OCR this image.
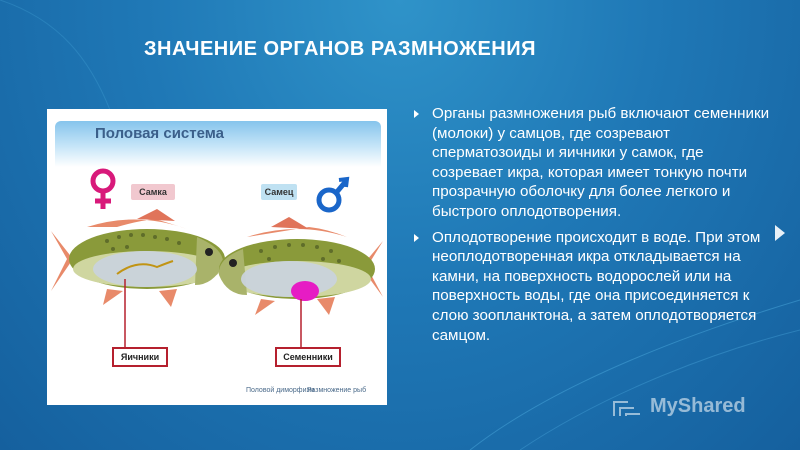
ЗНАЧЕНИЕ ОРГАНОВ РАЗМНОЖЕНИЯ
Половая система
Самка	Самец
Яичники	Семенники
Половой диморфизм
Размножение рыб
Органы размножения рыб включают семенники (молоки) у самцов, где созревают сперматозоиды и яичники у самок, где созревает икра, которая имеет тонкую почти прозрачную оболочку для более легкого и быстрого оплодотворения.
Оплодотворение происходит в воде. При этом неоплодотворенная икра откладывается на камни, на поверхность водорослей или на поверхность воды, где она присоединяется к слою зоопланктона, а затем оплодотворяется самцом.
MyShared
